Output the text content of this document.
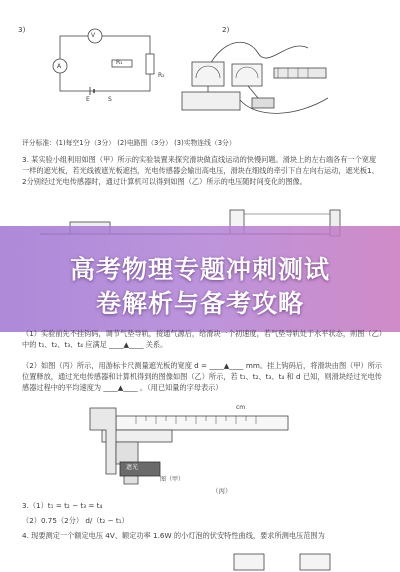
3)
V
A
R₁
R₂
E	S
2)
评分标准：(1)每空1分（3分） (2)电路图（3分） (3)实物连线（3分）
3. 某实验小组利用如图（甲）所示的实验装置来探究滑块做直线运动的快慢问题。滑块上的左右端各有一个宽度一样的遮光板，若光线被遮光板遮挡，光电传感器会输出高电压，滑块在细线的牵引下自左向右运动，遮光板1、2分别经过光电传感器时，通过计算机可以得到如图（乙）所示的电压随时间变化的图像。
高考物理专题冲刺测试
卷解析与备考攻略
（1）实验前先不挂钩码，调节气垫导轨，接通气源后，给滑块一个初速度，若气垫导轨处于水平状态，则图（乙）中的 t₁、t₂、t₃、t₄ 应满足 ____▲____ 关系。
（2）如图（丙）所示，用游标卡尺测量遮光板的宽度 d = ____▲____ mm。挂上钩码后，将滑块由图（甲）所示位置释放，通过光电传感器和计算机得到的图像如图（乙）所示，若 t₁、t₂、t₃、t₄ 和 d 已知，则滑块经过光电传感器过程中的平均速度为 ____▲____ 。（用已知量的字母表示）
cm
遮光
图（甲）
（丙）
3.（1）t₁ = t₂ − t₃ = t₄
（2）0.75（2分） d/（t₂ − t₁）
4. 现要测定一个额定电压 4V、额定功率 1.6W 的小灯泡的伏安特性曲线，要求所测电压范围为
